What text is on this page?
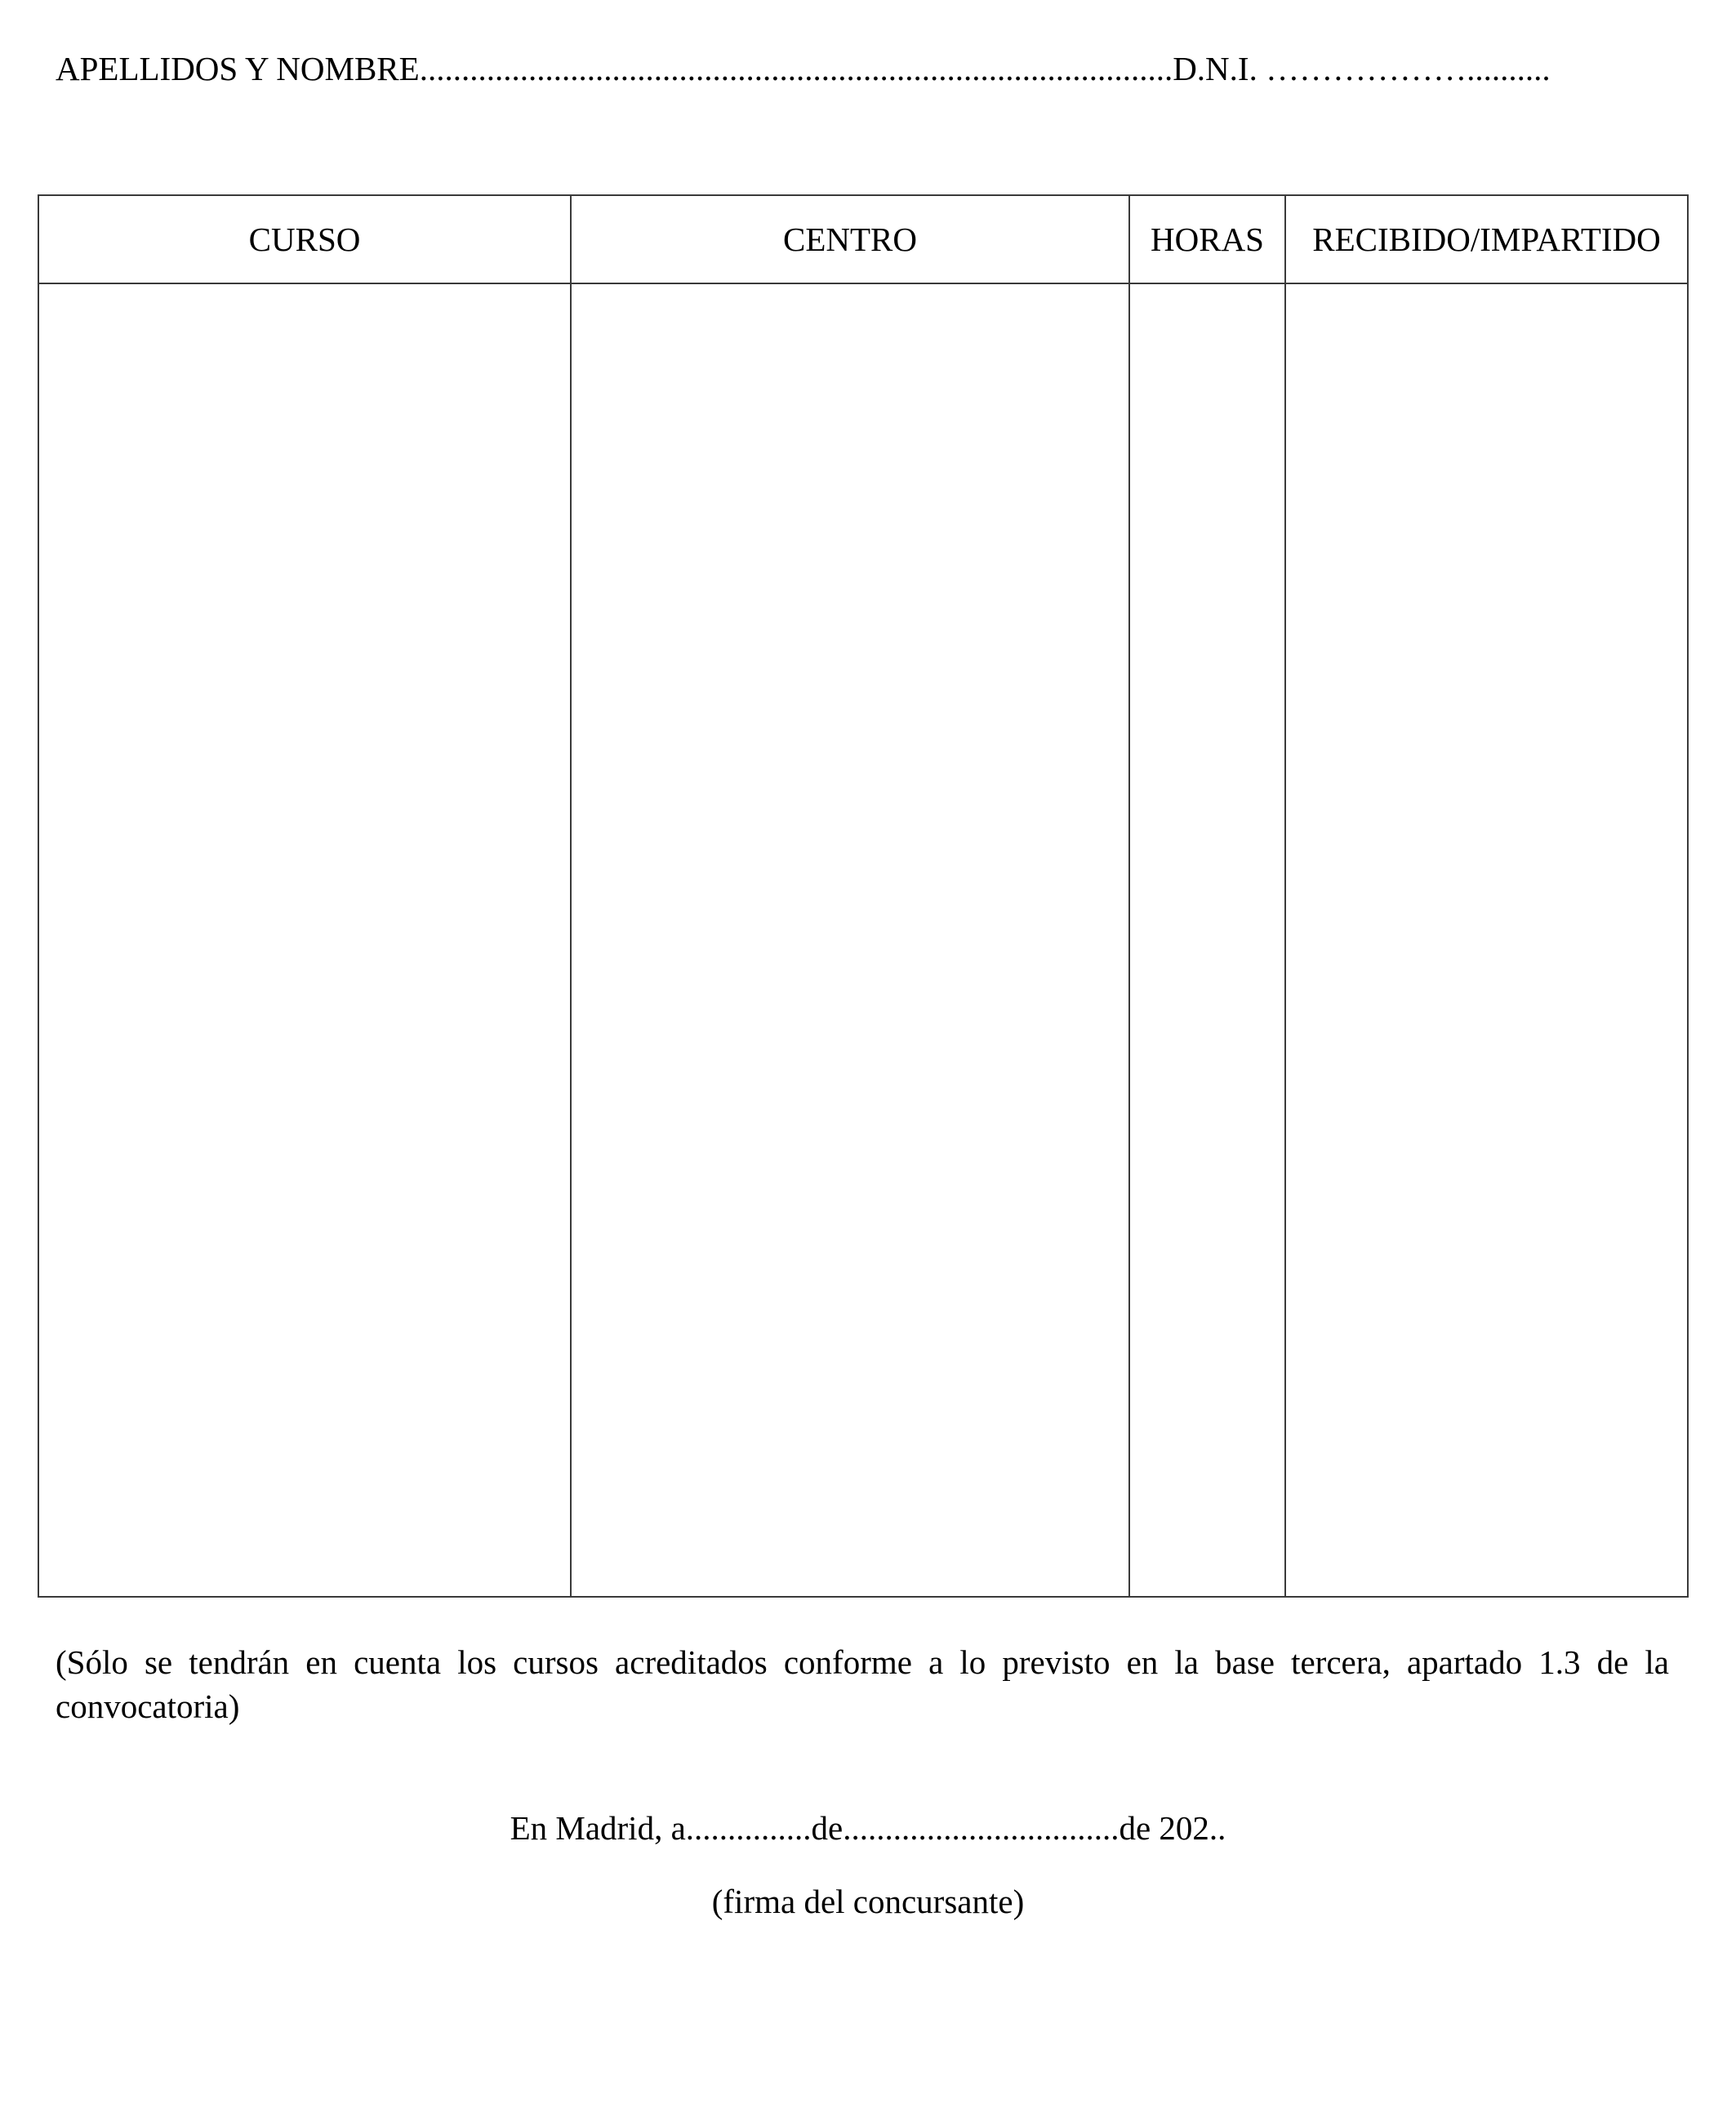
APELLIDOS Y NOMBRE..........................................................................................D.N.I. ………………..........
CURSO	CENTRO	HORAS	RECIBIDO/IMPARTIDO

(Sólo se tendrán en cuenta los cursos acreditados conforme a lo previsto en la base tercera, apartado 1.3 de la convocatoria)
En Madrid, a...............de.................................de 202..
(firma del concursante)
